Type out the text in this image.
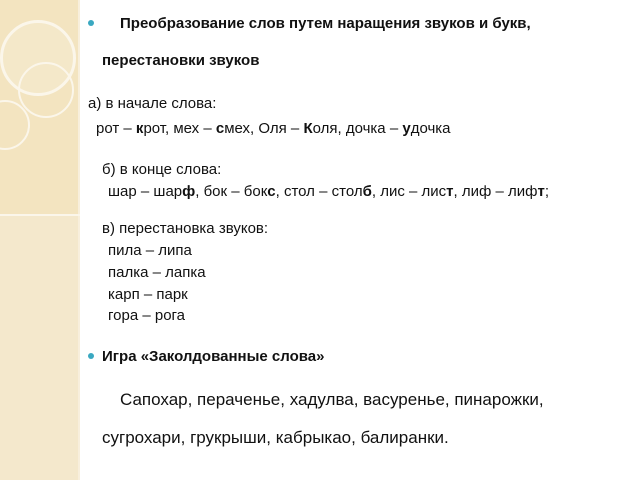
Преобразование слов путем наращения звуков и букв,
перестановки звуков
а) в начале слова:
рот – крот, мех – смех, Оля – Коля, дочка – удочка
б) в конце слова:
шар – шарф, бок – бокс, стол – столб, лис – лист, лиф – лифт;
в) перестановка звуков:
пила – липа
палка – лапка
карп – парк
гора – рога
Игра «Заколдованные слова»
Сапохар, пераченье, хадулва, васуренье, пинарожки,
сугрохари, грукрыши, кабрыкао, балиранки.
